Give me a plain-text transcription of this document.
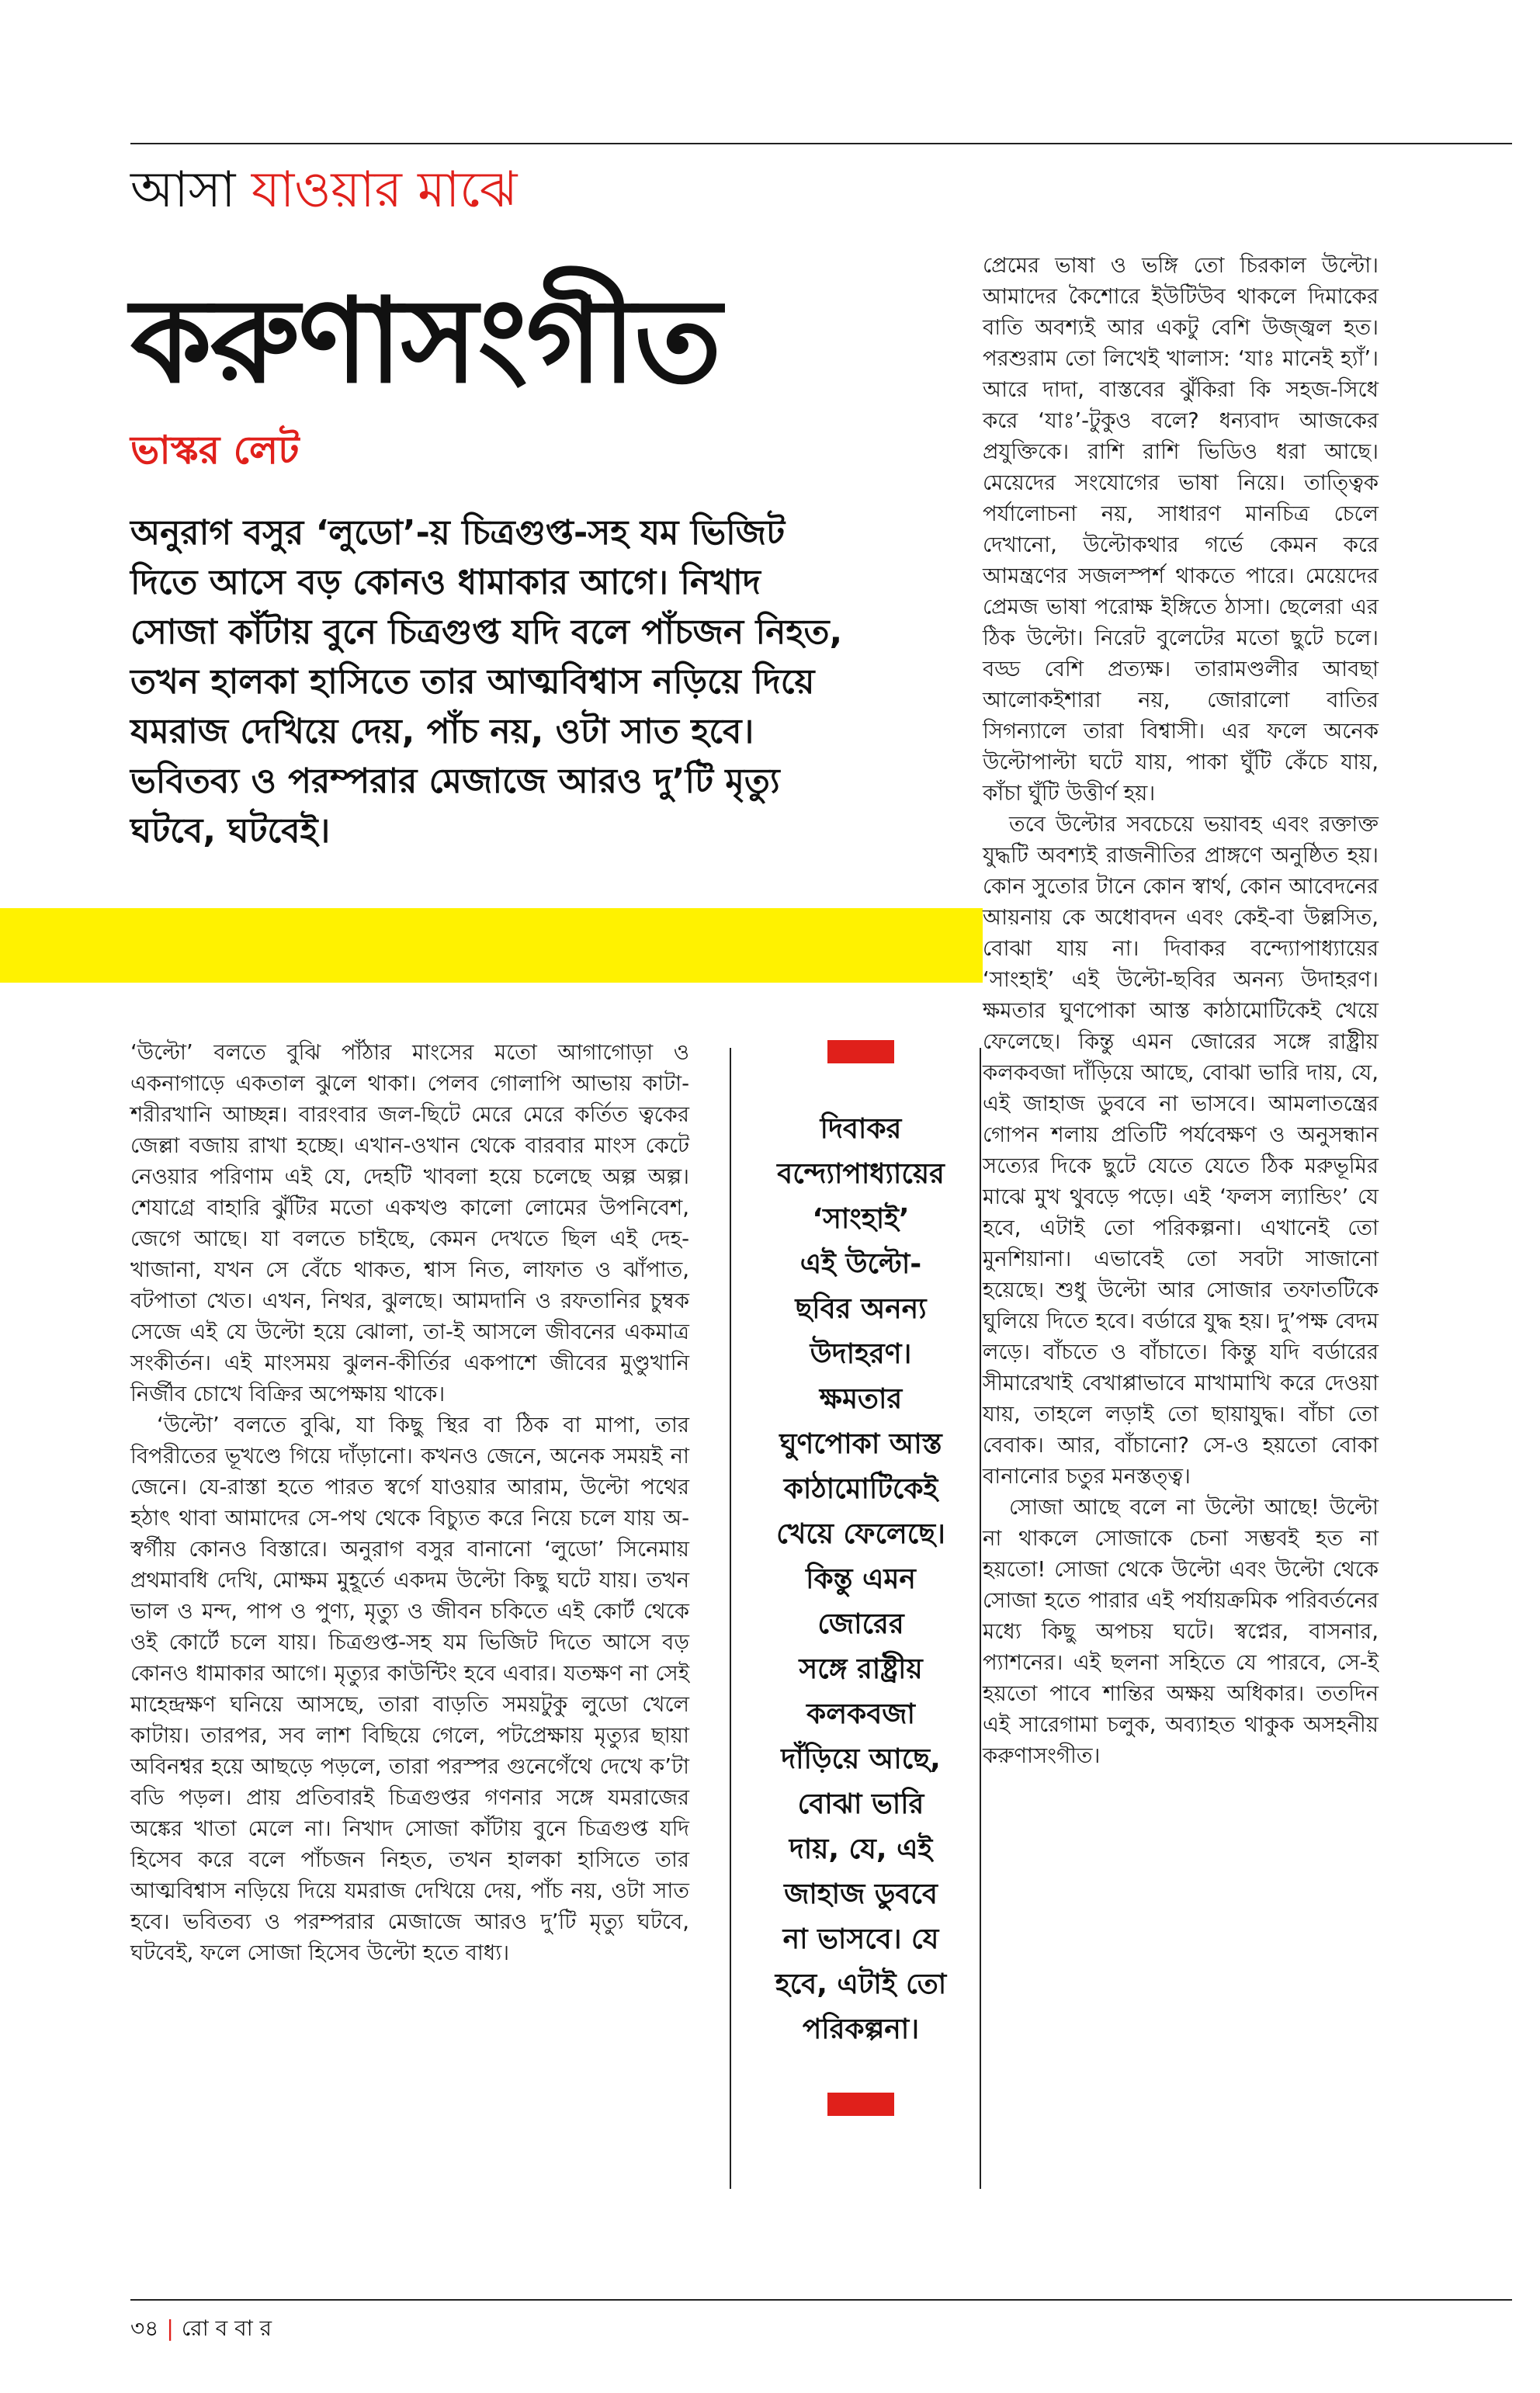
আসা যাওয়ার মাঝে
করুণাসংগীত
ভাস্কর লেট

অনুরাগ বসুর ‘লুডো’-য় চিত্রগুপ্ত-সহ যম ভিজিট

দিতে আসে বড় কোনও ধামাকার আগে। নিখাদ

সোজা কাঁটায় বুনে চিত্রগুপ্ত যদি বলে পাঁচজন নিহত,

তখন হালকা হাসিতে তার আত্মবিশ্বাস নড়িয়ে দিয়ে

যমরাজ দেখিয়ে দেয়, পাঁচ নয়, ওটা সাত হবে।

ভবিতব্য ও পরম্পরার মেজাজে আরও দু’টি মৃত্যু

ঘটবে, ঘটবেই।

প্রেমের ভাষা ও ভঙ্গি তো চিরকাল উল্টো। আমাদের কৈশোরে ইউটিউব থাকলে দিমাকের বাতি অবশ্যই আর একটু বেশি উজ্জ্বল হত। পরশুরাম তো লিখেই খালাস: ‘যাঃ মানেই হ্যাঁ’। আরে দাদা, বাস্তবের ঝুঁকিরা কি সহজ-সিধে করে ‘যাঃ’-টুকুও বলে? ধন্যবাদ আজকের প্রযুক্তিকে। রাশি রাশি ভিডিও ধরা আছে। মেয়েদের সংযোগের ভাষা নিয়ে। তাত্ত্বিক পর্যালোচনা নয়, সাধারণ মানচিত্র চেলে দেখানো, উল্টোকথার গর্ভে কেমন করে আমন্ত্রণের সজলস্পর্শ থাকতে পারে। মেয়েদের প্রেমজ ভাষা পরোক্ষ ইঙ্গিতে ঠাসা। ছেলেরা এর ঠিক উল্টো। নিরেট বুলেটের মতো ছুটে চলে। বড্ড বেশি প্রত্যক্ষ। তারামণ্ডলীর আবছা আলোকইশারা নয়, জোরালো বাতির সিগন্যালে তারা বিশ্বাসী। এর ফলে অনেক উল্টোপাল্টা ঘটে যায়, পাকা ঘুঁটি কেঁচে যায়, কাঁচা ঘুঁটি উত্তীর্ণ হয়।

তবে উল্টোর সবচেয়ে ভয়াবহ এবং রক্তাক্ত যুদ্ধটি অবশ্যই রাজনীতির প্রাঙ্গণে অনুষ্ঠিত হয়। কোন সুতোর টানে কোন স্বার্থ, কোন আবেদনের আয়নায় কে অধোবদন এবং কেই-বা উল্লসিত, বোঝা যায় না। দিবাকর বন্দ্যোপাধ্যায়ের ‘সাংহাই’ এই উল্টো-ছবির অনন্য উদাহরণ। ক্ষমতার ঘুণপোকা আস্ত কাঠামোটিকেই খেয়ে ফেলেছে। কিন্তু এমন জোরের সঙ্গে রাষ্ট্রীয় কলকবজা দাঁড়িয়ে আছে, বোঝা ভারি দায়, যে, এই জাহাজ ডুববে না ভাসবে। আমলাতন্ত্রের গোপন শলায় প্রতিটি পর্যবেক্ষণ ও অনুসন্ধান সত্যের দিকে ছুটে যেতে যেতে ঠিক মরুভূমির মাঝে মুখ থুবড়ে পড়ে। এই ‘ফলস ল্যান্ডিং’ যে হবে, এটাই তো পরিকল্পনা। এখানেই তো মুনশিয়ানা। এভাবেই তো সবটা সাজানো হয়েছে। শুধু উল্টো আর সোজার তফাতটিকে ঘুলিয়ে দিতে হবে। বর্ডারে যুদ্ধ হয়। দু’পক্ষ বেদম লড়ে। বাঁচতে ও বাঁচাতে। কিন্তু যদি বর্ডারের সীমারেখাই বেখাপ্পাভাবে মাখামাখি করে দেওয়া যায়, তাহলে লড়াই তো ছায়াযুদ্ধ। বাঁচা তো বেবাক। আর, বাঁচানো? সে-ও হয়তো বোকা বানানোর চতুর মনস্তত্ত্ব।

সোজা আছে বলে না উল্টো আছে! উল্টো না থাকলে সোজাকে চেনা সম্ভবই হত না হয়তো! সোজা থেকে উল্টো এবং উল্টো থেকে সোজা হতে পারার এই পর্যায়ক্রমিক পরিবর্তনের মধ্যে কিছু অপচয় ঘটে। স্বপ্নের, বাসনার, প্যাশনের। এই ছলনা সহিতে যে পারবে, সে-ই হয়তো পাবে শান্তির অক্ষয় অধিকার। ততদিন এই সারেগামা চলুক, অব্যাহত থাকুক অসহনীয় করুণাসংগীত।

‘উল্টো’ বলতে বুঝি পাঁঠার মাংসের মতো আগাগোড়া ও একনাগাড়ে একতাল ঝুলে থাকা। পেলব গোলাপি আভায় কাটা-শরীরখানি আচ্ছন্ন। বারংবার জল-ছিটে মেরে মেরে কর্তিত ত্বকের জেল্লা বজায় রাখা হচ্ছে। এখান-ওখান থেকে বারবার মাংস কেটে নেওয়ার পরিণাম এই যে, দেহটি খাবলা হয়ে চলেছে অল্প অল্প। শেযাগ্রে বাহারি ঝুঁটির মতো একখণ্ড কালো লোমের উপনিবেশ, জেগে আছে। যা বলতে চাইছে, কেমন দেখতে ছিল এই দেহ-খাজানা, যখন সে বেঁচে থাকত, শ্বাস নিত, লাফাত ও ঝাঁপাত, বটপাতা খেত। এখন, নিথর, ঝুলছে। আমদানি ও রফতানির চুম্বক সেজে এই যে উল্টো হয়ে ঝোলা, তা-ই আসলে জীবনের একমাত্র সংকীর্তন। এই মাংসময় ঝুলন-কীর্তির একপাশে জীবের মুণ্ডুখানি নির্জীব চোখে বিক্রির অপেক্ষায় থাকে।

‘উল্টো’ বলতে বুঝি, যা কিছু স্থির বা ঠিক বা মাপা, তার বিপরীতের ভূখণ্ডে গিয়ে দাঁড়ানো। কখনও জেনে, অনেক সময়ই না জেনে। যে-রাস্তা হতে পারত স্বর্গে যাওয়ার আরাম, উল্টো পথের হঠাৎ থাবা আমাদের সে-পথ থেকে বিচ্যুত করে নিয়ে চলে যায় অ-স্বর্গীয় কোনও বিস্তারে। অনুরাগ বসুর বানানো ‘লুডো’ সিনেমায় প্রথমাবধি দেখি, মোক্ষম মুহূর্তে একদম উল্টো কিছু ঘটে যায়। তখন ভাল ও মন্দ, পাপ ও পুণ্য, মৃত্যু ও জীবন চকিতে এই কোর্ট থেকে ওই কোর্টে চলে যায়। চিত্রগুপ্ত-সহ যম ভিজিট দিতে আসে বড় কোনও ধামাকার আগে। মৃত্যুর কাউন্টিং হবে এবার। যতক্ষণ না সেই মাহেন্দ্রক্ষণ ঘনিয়ে আসছে, তারা বাড়তি সময়টুকু লুডো খেলে কাটায়। তারপর, সব লাশ বিছিয়ে গেলে, পটপ্রেক্ষায় মৃত্যুর ছায়া অবিনশ্বর হয়ে আছড়ে পড়লে, তারা পরস্পর গুনেগেঁথে দেখে ক’টা বডি পড়ল। প্রায় প্রতিবারই চিত্রগুপ্তর গণনার সঙ্গে যমরাজের অঙ্কের খাতা মেলে না। নিখাদ সোজা কাঁটায় বুনে চিত্রগুপ্ত যদি হিসেব করে বলে পাঁচজন নিহত, তখন হালকা হাসিতে তার আত্মবিশ্বাস নড়িয়ে দিয়ে যমরাজ দেখিয়ে দেয়, পাঁচ নয়, ওটা সাত হবে। ভবিতব্য ও পরম্পরার মেজাজে আরও দু’টি মৃত্যু ঘটবে, ঘটবেই, ফলে সোজা হিসেব উল্টো হতে বাধ্য।

দিবাকর
বন্দ্যোপাধ্যায়ের
‘সাংহাই’
এই উল্টো-
ছবির অনন্য
উদাহরণ।
ক্ষমতার
ঘুণপোকা আস্ত
কাঠামোটিকেই
খেয়ে ফেলেছে।
কিন্তু এমন
জোরের
সঙ্গে রাষ্ট্রীয়
কলকবজা
দাঁড়িয়ে আছে,
বোঝা ভারি
দায়, যে, এই
জাহাজ ডুববে
না ভাসবে। যে
হবে, এটাই তো
পরিকল্পনা।
৩৪ | রো ব বা র
